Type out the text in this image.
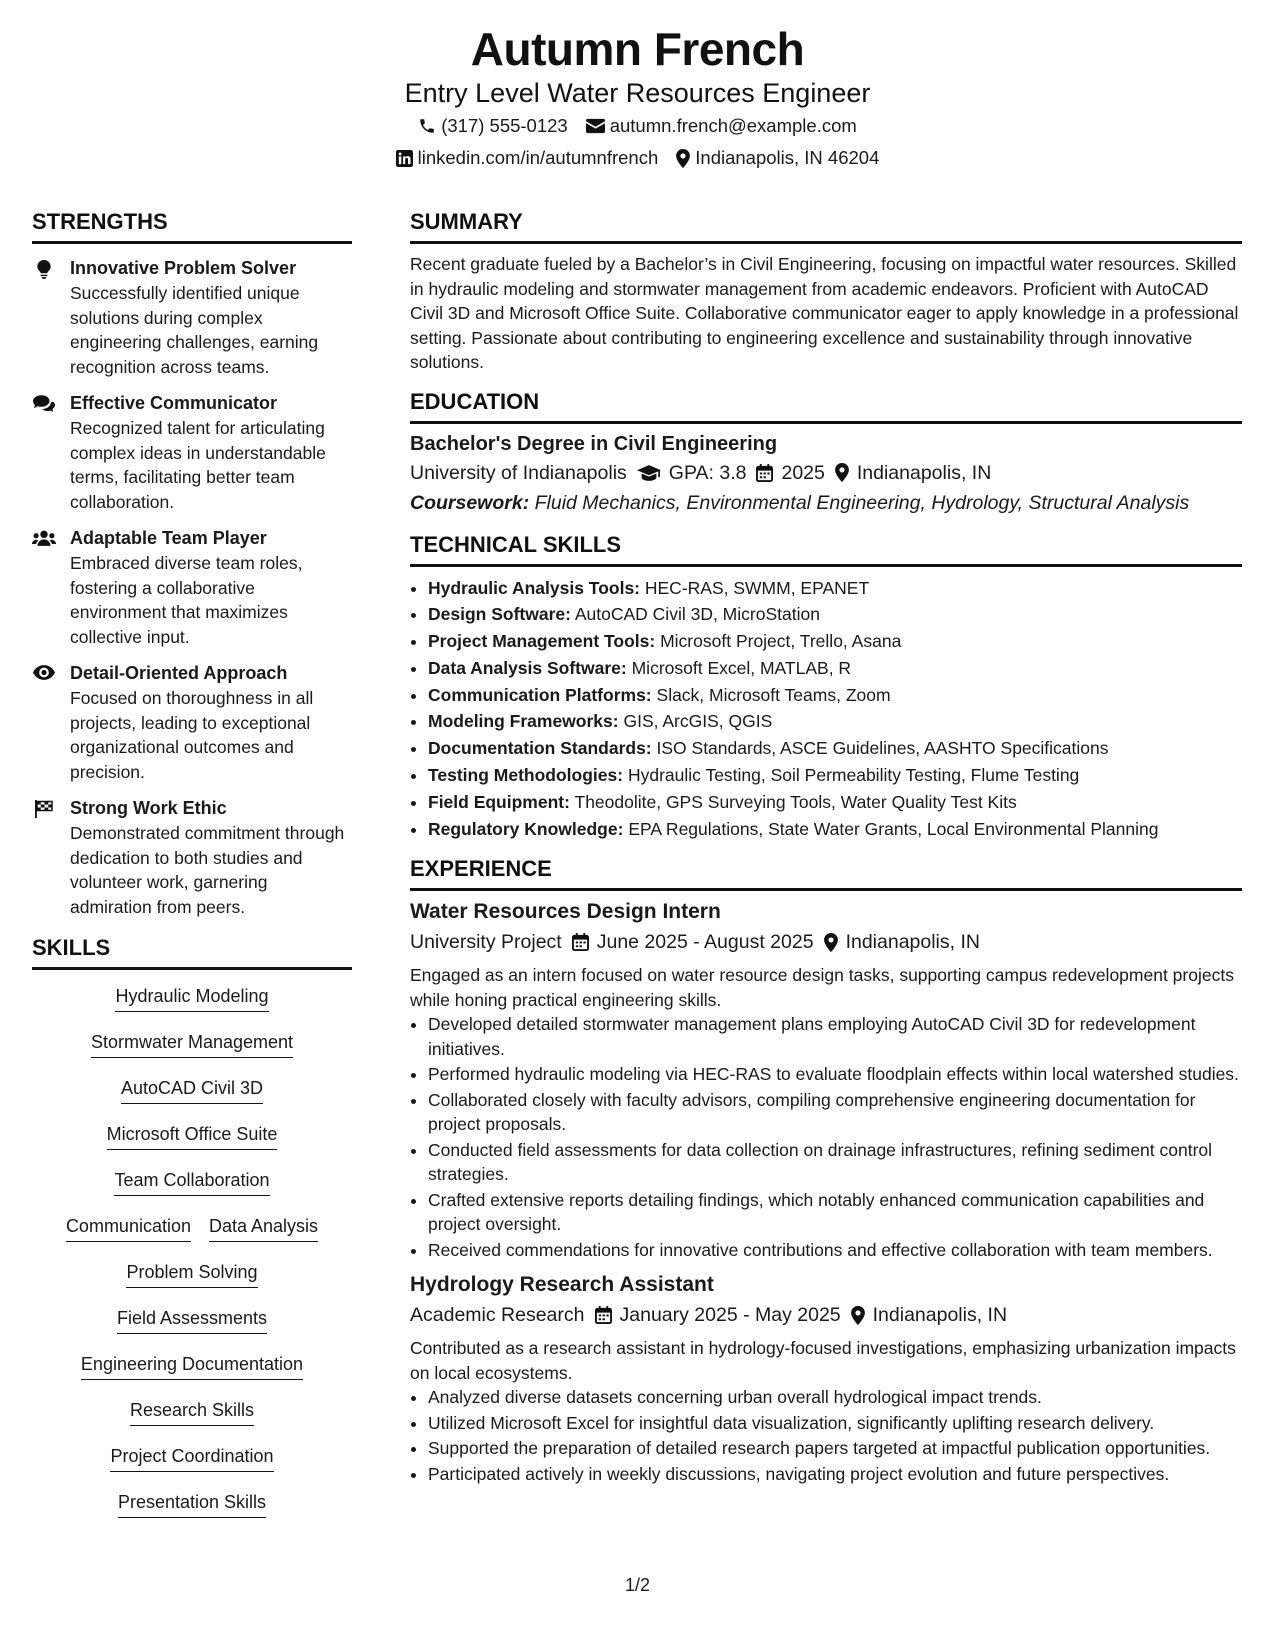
Autumn French
Entry Level Water Resources Engineer
(317) 555-0123 autumn.french@example.com
linkedin.com/in/autumnfrench Indianapolis, IN 46204
STRENGTHS
Innovative Problem Solver
Successfully identified unique solutions during complex engineering challenges, earning recognition across teams.
Effective Communicator
Recognized talent for articulating complex ideas in understandable terms, facilitating better team collaboration.
Adaptable Team Player
Embraced diverse team roles, fostering a collaborative environment that maximizes collective input.
Detail-Oriented Approach
Focused on thoroughness in all projects, leading to exceptional organizational outcomes and precision.
Strong Work Ethic
Demonstrated commitment through dedication to both studies and volunteer work, garnering admiration from peers.
SKILLS
Hydraulic Modeling
Stormwater Management
AutoCAD Civil 3D
Microsoft Office Suite
Team Collaboration
Communication Data Analysis
Problem Solving
Field Assessments
Engineering Documentation
Research Skills
Project Coordination
Presentation Skills
SUMMARY

Recent graduate fueled by a Bachelor’s in Civil Engineering, focusing on impactful water resources. Skilled in hydraulic modeling and stormwater management from academic endeavors. Proficient with AutoCAD Civil 3D and Microsoft Office Suite. Collaborative communicator eager to apply knowledge in a professional setting. Passionate about contributing to engineering excellence and sustainability through innovative solutions.

EDUCATION
Bachelor's Degree in Civil Engineering
University of Indianapolis GPA: 3.8 2025 Indianapolis, IN
Coursework: Fluid Mechanics, Environmental Engineering, Hydrology, Structural Analysis
TECHNICAL SKILLS
• Hydraulic Analysis Tools: HEC-RAS, SWMM, EPANET
• Design Software: AutoCAD Civil 3D, MicroStation
• Project Management Tools: Microsoft Project, Trello, Asana
• Data Analysis Software: Microsoft Excel, MATLAB, R
• Communication Platforms: Slack, Microsoft Teams, Zoom
• Modeling Frameworks: GIS, ArcGIS, QGIS
• Documentation Standards: ISO Standards, ASCE Guidelines, AASHTO Specifications
• Testing Methodologies: Hydraulic Testing, Soil Permeability Testing, Flume Testing
• Field Equipment: Theodolite, GPS Surveying Tools, Water Quality Test Kits
• Regulatory Knowledge: EPA Regulations, State Water Grants, Local Environmental Planning
EXPERIENCE
Water Resources Design Intern
University Project June 2025 - August 2025 Indianapolis, IN
Engaged as an intern focused on water resource design tasks, supporting campus redevelopment projects while honing practical engineering skills.
• Developed detailed stormwater management plans employing AutoCAD Civil 3D for redevelopment initiatives.
• Performed hydraulic modeling via HEC-RAS to evaluate floodplain effects within local watershed studies.
• Collaborated closely with faculty advisors, compiling comprehensive engineering documentation for project proposals.
• Conducted field assessments for data collection on drainage infrastructures, refining sediment control strategies.
• Crafted extensive reports detailing findings, which notably enhanced communication capabilities and project oversight.
• Received commendations for innovative contributions and effective collaboration with team members.
Hydrology Research Assistant
Academic Research January 2025 - May 2025 Indianapolis, IN
Contributed as a research assistant in hydrology-focused investigations, emphasizing urbanization impacts on local ecosystems.
• Analyzed diverse datasets concerning urban overall hydrological impact trends.
• Utilized Microsoft Excel for insightful data visualization, significantly uplifting research delivery.
• Supported the preparation of detailed research papers targeted at impactful publication opportunities.
• Participated actively in weekly discussions, navigating project evolution and future perspectives.
1/2
